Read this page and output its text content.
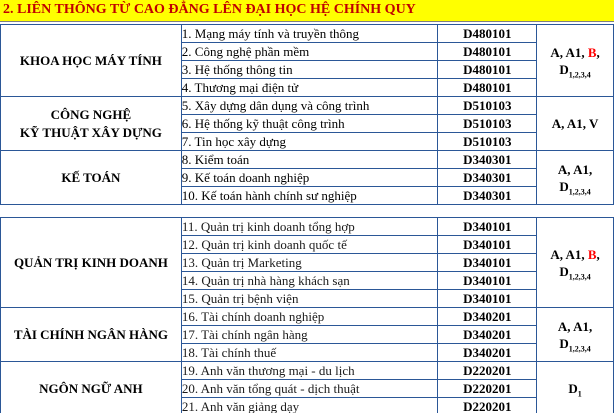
2. LIÊN THÔNG TỪ CAO ĐẲNG LÊN ĐẠI HỌC HỆ CHÍNH QUY
KHOA HỌC MÁY TÍNH	1. Mạng máy tính và truyền thông	D480101	A, A1, B,
$D_{1,2,3,4}$
	2. Công nghệ phần mềm	D480101	
	3. Hệ thống thông tin	D480101	
	4. Thương mại điện tử	D480101	
CÔNG NGHỆ
KỸ THUẬT XÂY DỰNG	5. Xây dựng dân dụng và công trình	D510103	A, A1, V
	6. Hệ thống kỹ thuật công trình	D510103	
	7. Tin học xây dựng	D510103	
KẾ TOÁN	8. Kiểm toán	D340301	A, A1,
$D_{1,2,3,4}$
	9. Kế toán doanh nghiệp	D340301	
	10. Kế toán hành chính sư nghiệp	D340301	
QUẢN TRỊ KINH DOANH	11. Quản trị kinh doanh tổng hợp	D340101	A, A1, B,
$D_{1,2,3,4}$
	12. Quản trị kinh doanh quốc tế	D340101	
	13. Quản trị Marketing	D340101	
	14. Quản trị nhà hàng khách sạn	D340101	
	15. Quản trị bệnh viện	D340101	
TÀI CHÍNH NGÂN HÀNG	16. Tài chính doanh nghiệp	D340201	A, A1,
$D_{1,2,3,4}$
	17. Tài chính ngân hàng	D340201	
	18. Tài chính thuế	D340201	
NGÔN NGỮ ANH	19. Anh văn thương mại - du lịch	D220201	$D_1$
	20. Anh văn tổng quát - dịch thuật	D220201	
	21. Anh văn giảng dạy	D220201	
